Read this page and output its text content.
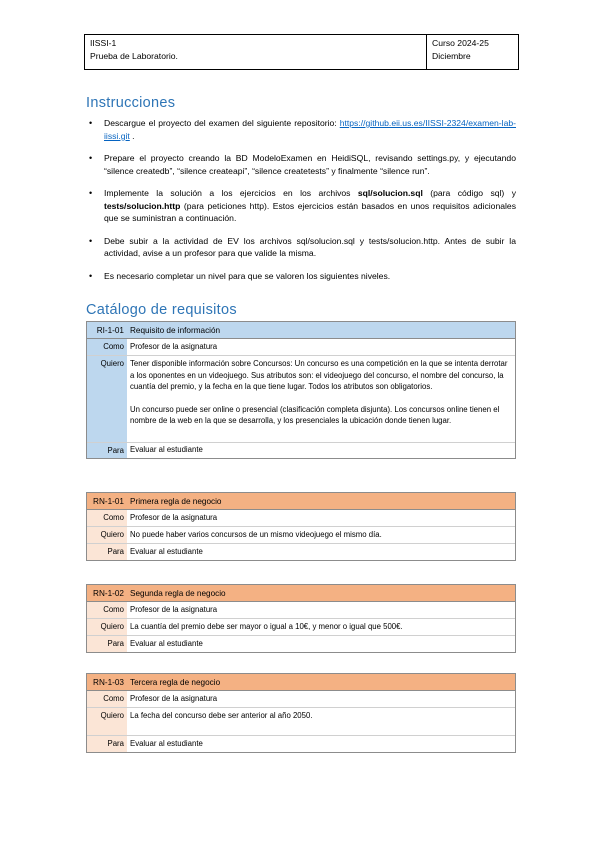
IISSI-1
Prueba de Laboratorio.
Curso 2024-25
Diciembre
Instrucciones
• Descargue el proyecto del examen del siguiente repositorio: https://github.eii.us.es/IISSI-2324/examen-lab-iissi.git .
• Prepare el proyecto creando la BD ModeloExamen en HeidiSQL, revisando settings.py, y ejecutando “silence createdb”, “silence createapi”, “silence createtests” y finalmente “silence run”.
• Implemente la solución a los ejercicios en los archivos sql/solucion.sql (para código sql) y tests/solucion.http (para peticiones http). Estos ejercicios están basados en unos requisitos adicionales que se suministran a continuación.
• Debe subir a la actividad de EV los archivos sql/solucion.sql y tests/solucion.http. Antes de subir la actividad, avise a un profesor para que valide la misma.
• Es necesario completar un nivel para que se valoren los siguientes niveles.
Catálogo de requisitos
RI-1-01 Requisito de información
Como Profesor de la asignatura
Quiero Tener disponible información sobre Concursos: Un concurso es una competición en la que se intenta derrotar a los oponentes en un videojuego. Sus atributos son: el videojuego del concurso, el nombre del concurso, la cuantía del premio, y la fecha en la que tiene lugar. Todos los atributos son obligatorios.
Un concurso puede ser online o presencial (clasificación completa disjunta). Los concursos online tienen el nombre de la web en la que se desarrolla, y los presenciales la ubicación donde tienen lugar.
Para Evaluar al estudiante
RN-1-01 Primera regla de negocio
Como Profesor de la asignatura
Quiero No puede haber varios concursos de un mismo videojuego el mismo día.
Para Evaluar al estudiante
RN-1-02 Segunda regla de negocio
Como Profesor de la asignatura
Quiero La cuantía del premio debe ser mayor o igual a 10€, y menor o igual que 500€.
Para Evaluar al estudiante
RN-1-03 Tercera regla de negocio
Como Profesor de la asignatura
Quiero La fecha del concurso debe ser anterior al año 2050.
Para Evaluar al estudiante
